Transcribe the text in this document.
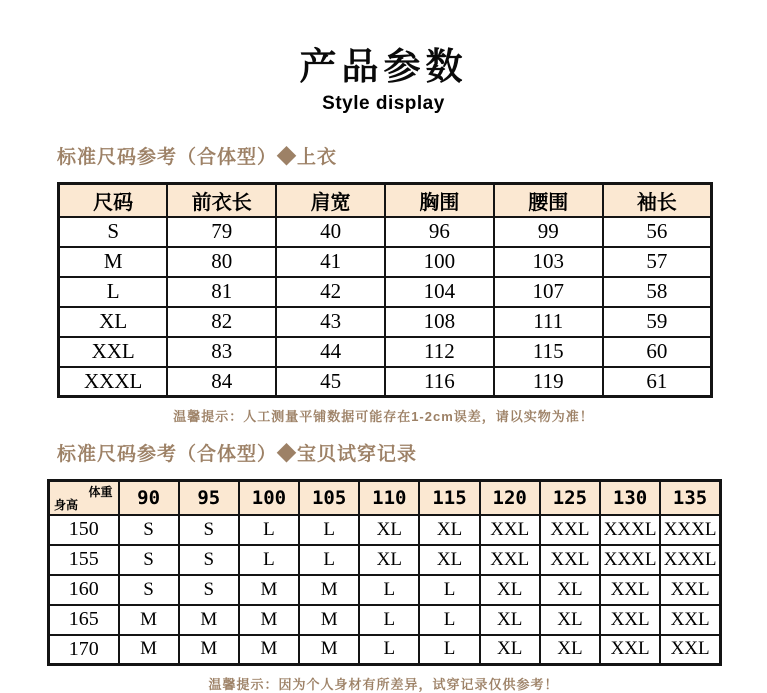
产品参数
Style display
标准尺码参考（合体型）◆上衣
尺码	前衣长	肩宽	胸围	腰围	袖长
S	79	40	96	99	56
M	80	41	100	103	57
L	81	42	104	107	58
XL	82	43	108	111	59
XXL	83	44	112	115	60
XXXL	84	45	116	119	61
温馨提示：人工测量平铺数据可能存在1-2cm误差，请以实物为准！
标准尺码参考（合体型）◆宝贝试穿记录
体重
身高	90	95	100	105	110	115	120	125	130	135
150	S	S	L	L	XL	XL	XXL	XXL	XXXL	XXXL
155	S	S	L	L	XL	XL	XXL	XXL	XXXL	XXXL
160	S	S	M	M	L	L	XL	XL	XXL	XXL
165	M	M	M	M	L	L	XL	XL	XXL	XXL
170	M	M	M	M	L	L	XL	XL	XXL	XXL
温馨提示：因为个人身材有所差异，试穿记录仅供参考！
